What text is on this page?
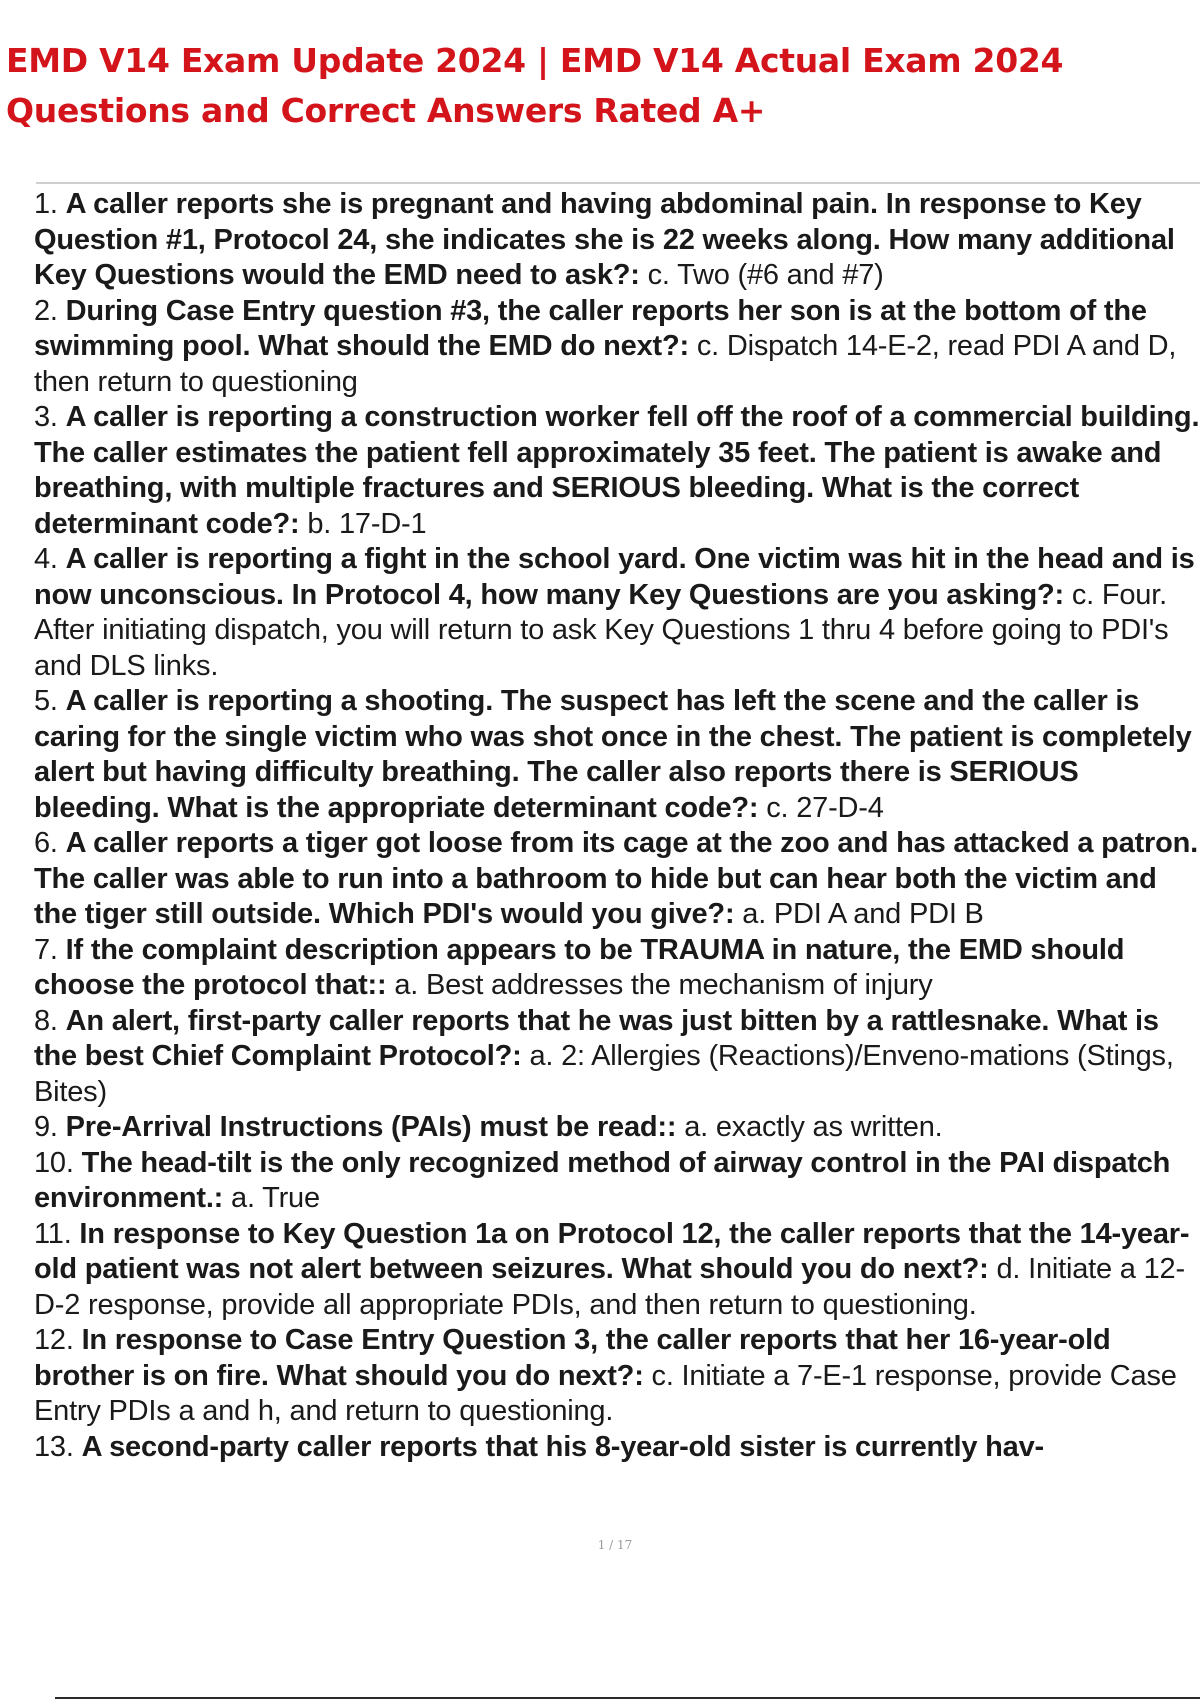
EMD V14 Exam Update 2024 | EMD V14 Actual Exam 2024 Questions and Correct Answers Rated A+
1. A caller reports she is pregnant and having abdominal pain. In response to Key Question #1, Protocol 24, she indicates she is 22 weeks along. How many additional Key Questions would the EMD need to ask?: c. Two (#6 and #7)
2. During Case Entry question #3, the caller reports her son is at the bottom of the swimming pool. What should the EMD do next?: c. Dispatch 14-E-2, read PDI A and D, then return to questioning
3. A caller is reporting a construction worker fell off the roof of a commercial building. The caller estimates the patient fell approximately 35 feet. The patient is awake and breathing, with multiple fractures and SERIOUS bleeding. What is the correct determinant code?: b. 17-D-1
4. A caller is reporting a fight in the school yard. One victim was hit in the head and is now unconscious. In Protocol 4, how many Key Questions are you asking?: c. Four. After initiating dispatch, you will return to ask Key Questions 1 thru 4 before going to PDI's and DLS links.
5. A caller is reporting a shooting. The suspect has left the scene and the caller is caring for the single victim who was shot once in the chest. The patient is completely alert but having difficulty breathing. The caller also reports there is SERIOUS bleeding. What is the appropriate determinant code?: c. 27-D-4
6. A caller reports a tiger got loose from its cage at the zoo and has attacked a patron. The caller was able to run into a bathroom to hide but can hear both the victim and the tiger still outside. Which PDI's would you give?: a. PDI A and PDI B
7. If the complaint description appears to be TRAUMA in nature, the EMD should choose the protocol that:: a. Best addresses the mechanism of injury
8. An alert, first-party caller reports that he was just bitten by a rattlesnake. What is the best Chief Complaint Protocol?: a. 2: Allergies (Reactions)/Enveno-mations (Stings, Bites)
9. Pre-Arrival Instructions (PAIs) must be read:: a. exactly as written.
10. The head-tilt is the only recognized method of airway control in the PAI dispatch environment.: a. True
11. In response to Key Question 1a on Protocol 12, the caller reports that the 14-year-old patient was not alert between seizures. What should you do next?: d. Initiate a 12-D-2 response, provide all appropriate PDIs, and then return to questioning.
12. In response to Case Entry Question 3, the caller reports that her 16-year-old brother is on fire. What should you do next?: c. Initiate a 7-E-1 response, provide Case Entry PDIs a and h, and return to questioning.
13. A second-party caller reports that his 8-year-old sister is currently hav-
1 / 17
